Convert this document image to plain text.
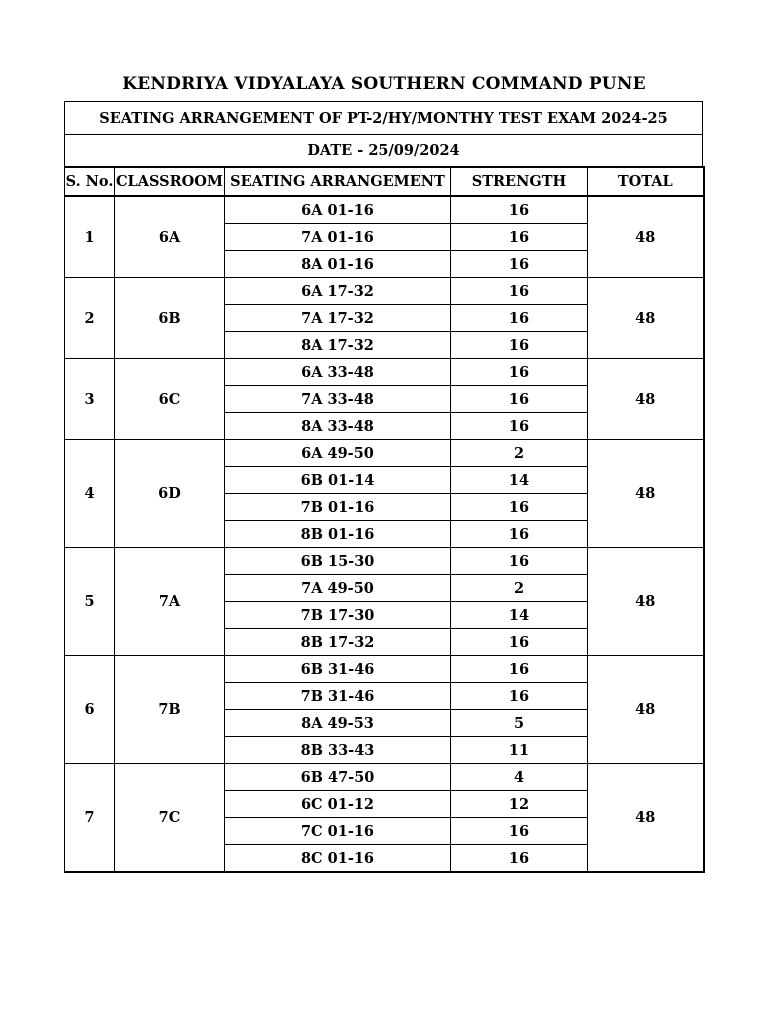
KENDRIYA VIDYALAYA SOUTHERN COMMAND PUNE
SEATING ARRANGEMENT OF PT-2/HY/MONTHY TEST EXAM 2024-25
DATE - 25/09/2024
S. No.	CLASSROOM	SEATING ARRANGEMENT	STRENGTH	TOTAL
1	6A	6A 01-16	16	48
		7A 01-16	16	
		8A 01-16	16	
2	6B	6A 17-32	16	48
		7A 17-32	16	
		8A 17-32	16	
3	6C	6A 33-48	16	48
		7A 33-48	16	
		8A 33-48	16	
4	6D	6A 49-50	2	48
		6B 01-14	14	
		7B 01-16	16	
		8B 01-16	16	
5	7A	6B 15-30	16	48
		7A 49-50	2	
		7B 17-30	14	
		8B 17-32	16	
6	7B	6B 31-46	16	48
		7B 31-46	16	
		8A 49-53	5	
		8B 33-43	11	
7	7C	6B 47-50	4	48
		6C 01-12	12	
		7C 01-16	16	
		8C 01-16	16	
